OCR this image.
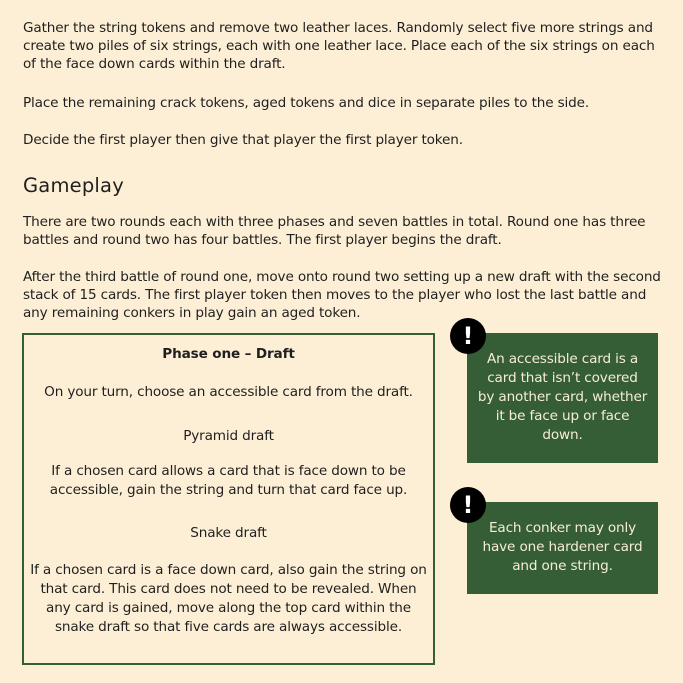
Gather the string tokens and remove two leather laces. Randomly select five more strings and create two piles of six strings, each with one leather lace. Place each of the six strings on each of the face down cards within the draft.

Place the remaining crack tokens, aged tokens and dice in separate piles to the side.

Decide the first player then give that player the first player token.

Gameplay

There are two rounds each with three phases and seven battles in total. Round one has three battles and round two has four battles. The first player begins the draft.

After the third battle of round one, move onto round two setting up a new draft with the second stack of 15 cards. The first player token then moves to the player who lost the last battle and any remaining conkers in play gain an aged token.

Phase one – Draft

On your turn, choose an accessible card from the draft.

Pyramid draft

If a chosen card allows a card that is face down to be accessible, gain the string and turn that card face up.

Snake draft

If a chosen card is a face down card, also gain the string on that card. This card does not need to be revealed. When any card is gained, move along the top card within the snake draft so that five cards are always accessible.

An accessible card is a card that isn’t covered by another card, whether it be face up or face down.

!

Each conker may only have one hardener card and one string.

!
